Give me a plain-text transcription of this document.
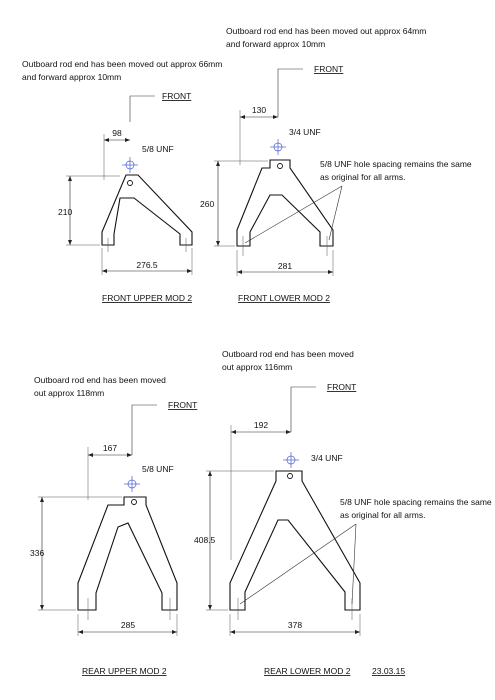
Outboard rod end has been moved out approx 66mm
and forward approx 10mm
FRONT
98
5/8 UNF
210
276.5
FRONT UPPER MOD 2
Outboard rod end has been moved out approx 64mm
and forward approx 10mm
FRONT
130
3/4 UNF
5/8 UNF hole spacing remains the same
as original for all arms.
260
281
FRONT LOWER MOD 2
Outboard rod end has been moved
out approx 118mm
FRONT
167
5/8 UNF
336
285
REAR UPPER MOD 2
Outboard rod end has been moved
out approx 116mm
FRONT
192
3/4 UNF
5/8 UNF hole spacing remains the same
as original for all arms.
408.5
378
REAR LOWER MOD 2	23.03.15
